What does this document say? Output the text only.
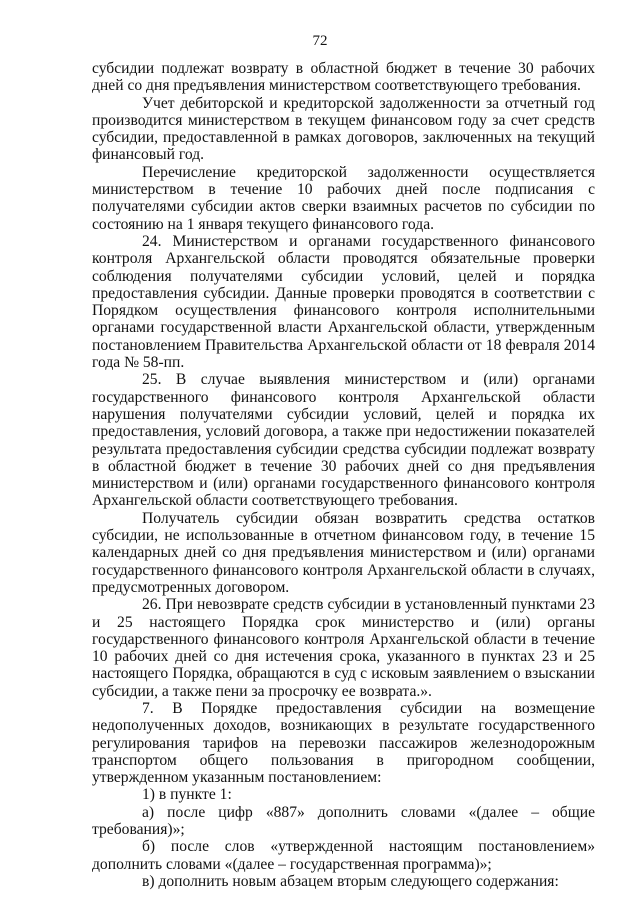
72

субсидии подлежат возврату в областной бюджет в течение 30 рабочих дней со дня предъявления министерством соответствующего требования.

Учет дебиторской и кредиторской задолженности за отчетный год производится министерством в текущем финансовом году за счет средств субсидии, предоставленной в рамках договоров, заключенных на текущий финансовый год.

Перечисление кредиторской задолженности осуществляется министерством в течение 10 рабочих дней после подписания с получателями субсидии актов сверки взаимных расчетов по субсидии по состоянию на 1 января текущего финансового года.

24. Министерством и органами государственного финансового контроля Архангельской области проводятся обязательные проверки соблюдения получателями субсидии условий, целей и порядка предоставления субсидии. Данные проверки проводятся в соответствии с Порядком осуществления финансового контроля исполнительными органами государственной власти Архангельской области, утвержденным постановлением Правительства Архангельской области от 18 февраля 2014 года № 58-пп.

25. В случае выявления министерством и (или) органами государственного финансового контроля Архангельской области нарушения получателями субсидии условий, целей и порядка их предоставления, условий договора, а также при недостижении показателей результата предоставления субсидии средства субсидии подлежат возврату в областной бюджет в течение 30 рабочих дней со дня предъявления министерством и (или) органами государственного финансового контроля Архангельской области соответствующего требования.

Получатель субсидии обязан возвратить средства остатков субсидии, не использованные в отчетном финансовом году, в течение 15 календарных дней со дня предъявления министерством и (или) органами государственного финансового контроля Архангельской области в случаях, предусмотренных договором.

26. При невозврате средств субсидии в установленный пунктами 23 и 25 настоящего Порядка срок министерство и (или) органы государственного финансового контроля Архангельской области в течение 10 рабочих дней со дня истечения срока, указанного в пунктах 23 и 25 настоящего Порядка, обращаются в суд с исковым заявлением о взыскании субсидии, а также пени за просрочку ее возврата.».

7. В Порядке предоставления субсидии на возмещение недополученных доходов, возникающих в результате государственного регулирования тарифов на перевозки пассажиров железнодорожным транспортом общего пользования в пригородном сообщении, утвержденном указанным постановлением:

1) в пункте 1:

а) после цифр «887» дополнить словами «(далее – общие требования)»;

б) после слов «утвержденной настоящим постановлением» дополнить словами «(далее – государственная программа)»;

в) дополнить новым абзацем вторым следующего содержания:
